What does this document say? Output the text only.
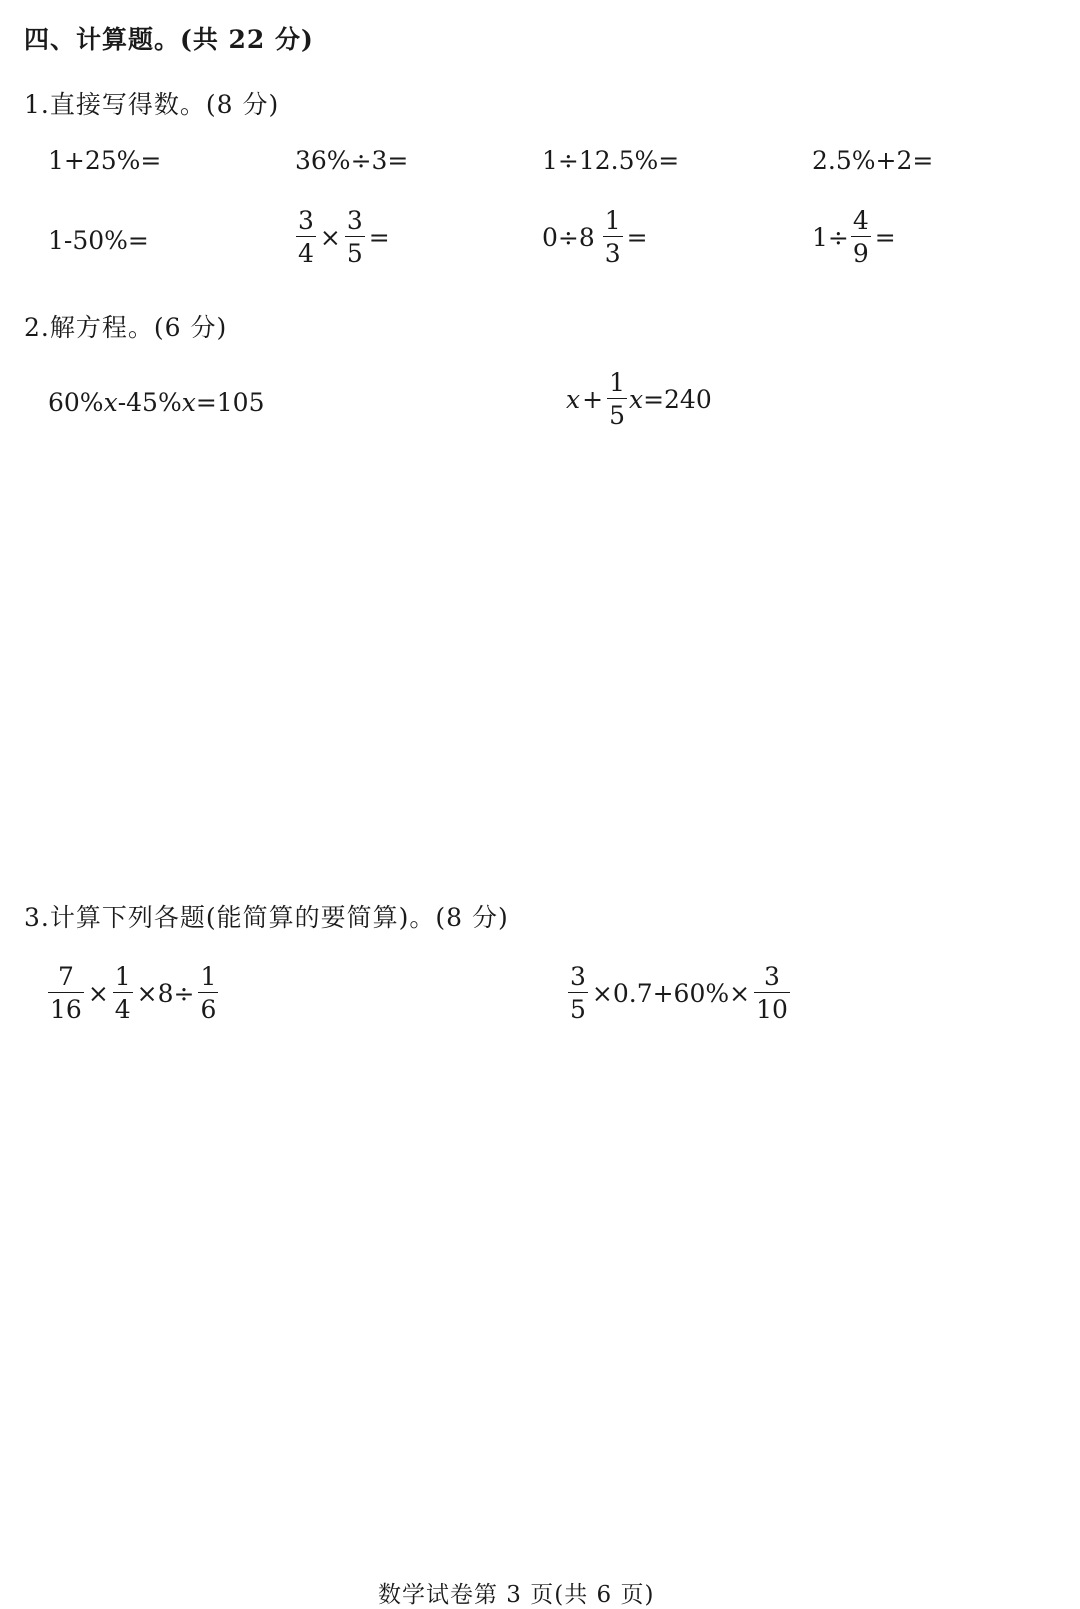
四、计算题。(共 22 分)
1.直接写得数。(8 分)
1+25%=	36%÷3=	1÷12.5%=	2.5%+2=
1-50%=	$\frac{3}{4} \times \frac{3}{5}$ =	$0\div 8 \frac{1}{3}$ =	$1\div \frac{4}{9}$ =
2.解方程。(6 分)
60% x -45% x =105	$x + \frac{1}{5}$ x =240
3.计算下列各题(能简算的要简算)。(8 分)
$\frac{7}{16} \times \frac{1}{4} \times 8\div \frac{1}{6}$	$\frac{3}{5} \times 0.7+60\%\times \frac{3}{10}$
数学试卷第 3 页(共 6 页)
